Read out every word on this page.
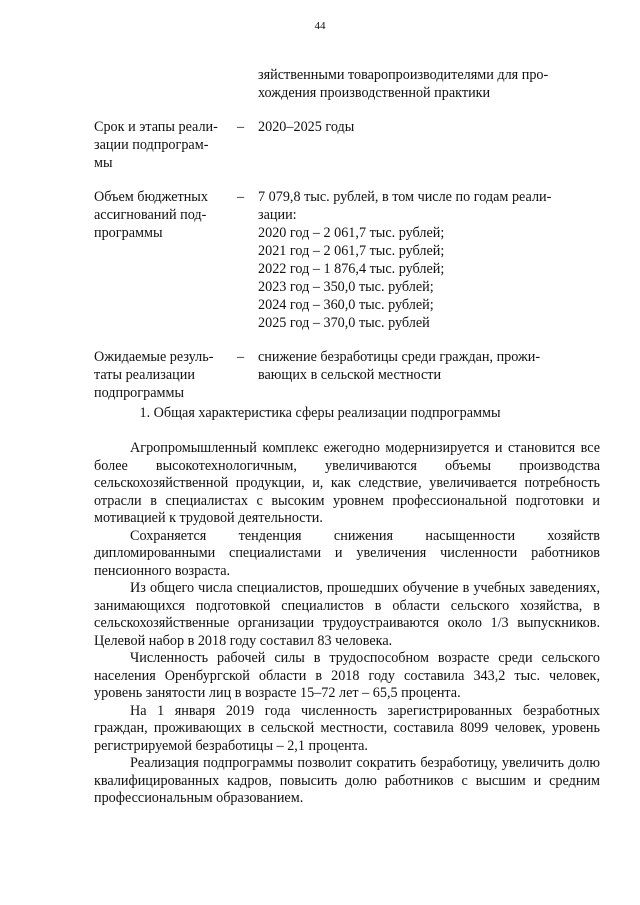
44
зяйственными товаропроизводителями для про-
хождения производственной практики
Срок и этапы реали-
зации подпрограм-
мы
– 2020–2025 годы
Объем бюджетных
ассигнований под-
программы
– 7 079,8 тыс. рублей, в том числе по годам реали-
зации:
2020 год – 2 061,7 тыс. рублей;
2021 год – 2 061,7 тыс. рублей;
2022 год – 1 876,4 тыс. рублей;
2023 год – 350,0 тыс. рублей;
2024 год – 360,0 тыс. рублей;
2025 год – 370,0 тыс. рублей
Ожидаемые резуль-
таты реализации
подпрограммы
– снижение безработицы среди граждан, прожи-
вающих в сельской местности
1. Общая характеристика сферы реализации подпрограммы

Агропромышленный комплекс ежегодно модернизируется и становится все более высокотехнологичным, увеличиваются объемы производства сельскохозяйственной продукции, и, как следствие, увеличивается потребность отрасли в специалистах с высоким уровнем профессиональной подготовки и мотивацией к трудовой деятельности.

Сохраняется тенденция снижения насыщенности хозяйств дипломированными специалистами и увеличения численности работников пенсионного возраста.

Из общего числа специалистов, прошедших обучение в учебных заведениях, занимающихся подготовкой специалистов в области сельского хозяйства, в сельскохозяйственные организации трудоустраиваются около 1/3 выпускников. Целевой набор в 2018 году составил 83 человека.

Численность рабочей силы в трудоспособном возрасте среди сельского населения Оренбургской области в 2018 году составила 343,2 тыс. человек, уровень занятости лиц в возрасте 15–72 лет – 65,5 процента.

На 1 января 2019 года численность зарегистрированных безработных граждан, проживающих в сельской местности, составила 8099 человек, уровень регистрируемой безработицы – 2,1 процента.

Реализация подпрограммы позволит сократить безработицу, увеличить долю квалифицированных кадров, повысить долю работников с высшим и средним профессиональным образованием.
